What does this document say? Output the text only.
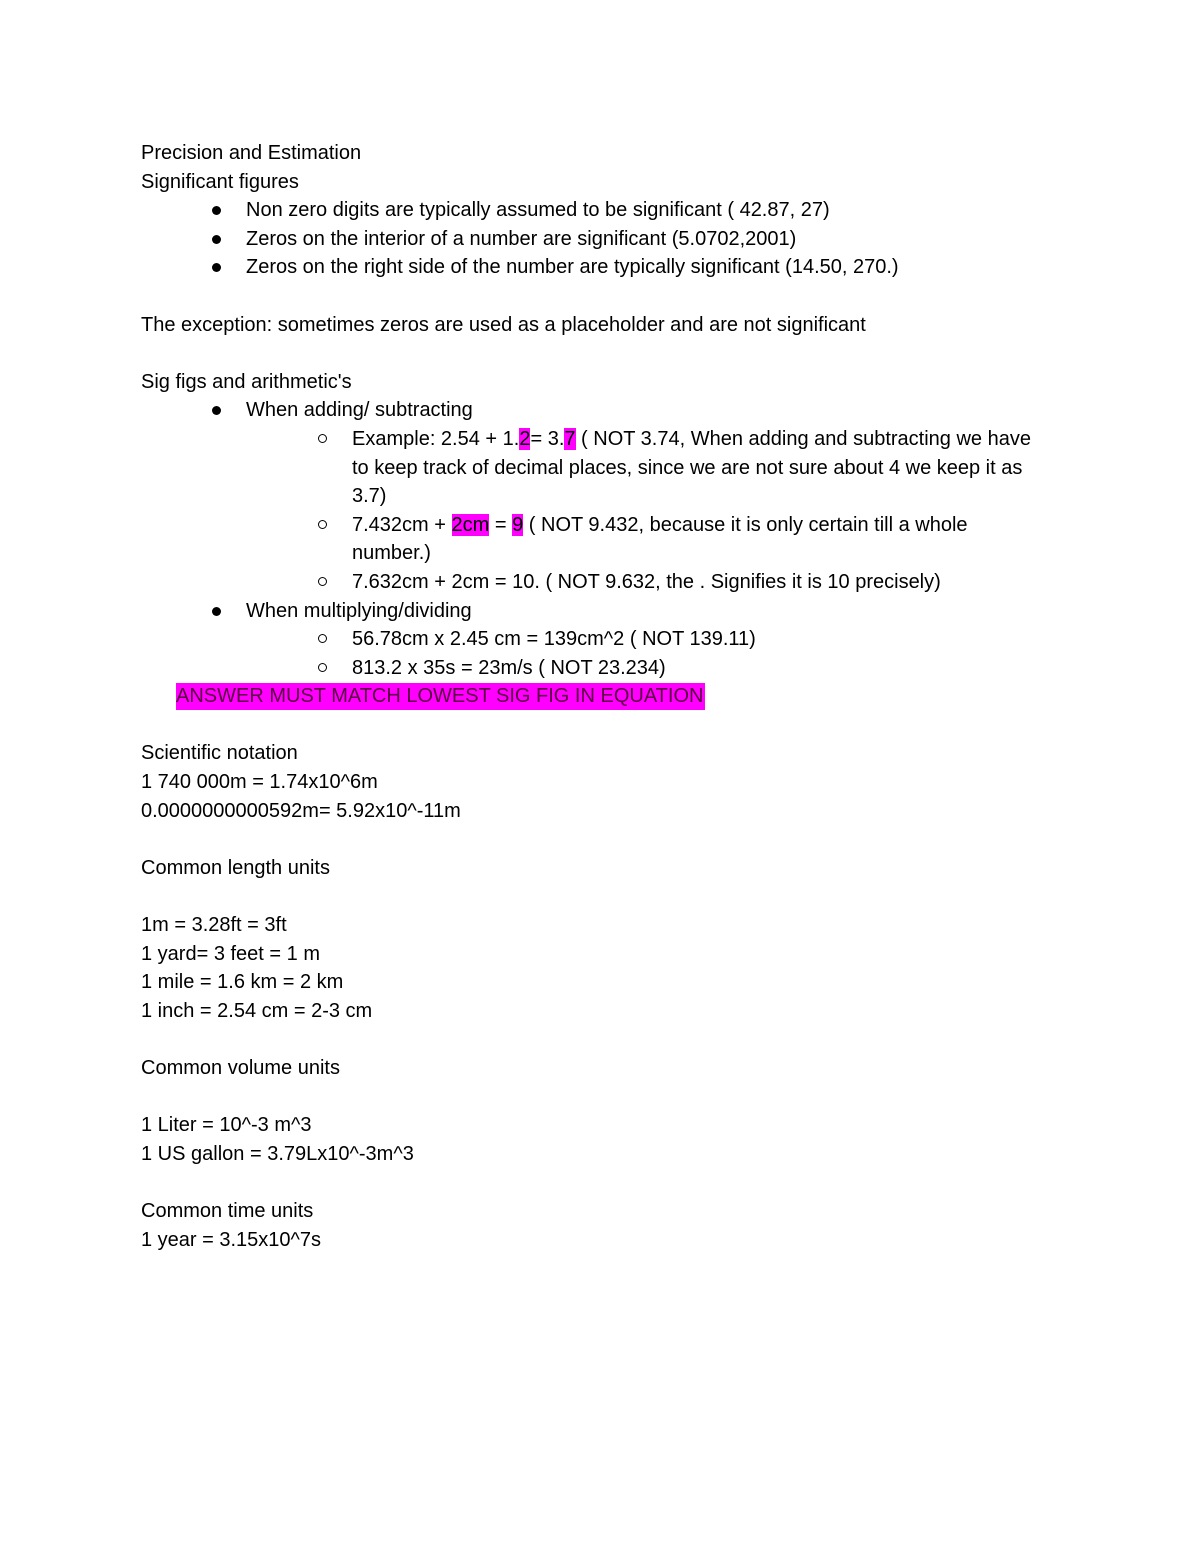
Precision and Estimation

Significant figures

Non zero digits are typically assumed to be significant ( 42.87, 27)
Zeros on the interior of a number are significant (5.0702,2001)
Zeros on the right side of the number are typically significant (14.50, 270.)

The exception: sometimes zeros are used as a placeholder and are not significant

Sig figs and arithmetic's

When adding/ subtracting
Example: 2.54 + 1.2= 3.7 ( NOT 3.74, When adding and subtracting we have to keep track of decimal places, since we are not sure about 4 we keep it as 3.7)
7.432cm + 2cm = 9 ( NOT 9.432, because it is only certain till a whole number.)
7.632cm + 2cm = 10. ( NOT 9.632, the . Signifies it is 10 precisely)
When multiplying/dividing
56.78cm x 2.45 cm = 139cm^2 ( NOT 139.11)
813.2 x 35s = 23m/s ( NOT 23.234)
ANSWER MUST MATCH LOWEST SIG FIG IN EQUATION

Scientific notation

1 740 000m = 1.74x10^6m

0.0000000000592m= 5.92x10^-11m

Common length units

1m = 3.28ft = 3ft

1 yard= 3 feet = 1 m

1 mile = 1.6 km = 2 km

1 inch = 2.54 cm = 2-3 cm

Common volume units

1 Liter = 10^-3 m^3

1 US gallon = 3.79Lx10^-3m^3

Common time units

1 year = 3.15x10^7s
